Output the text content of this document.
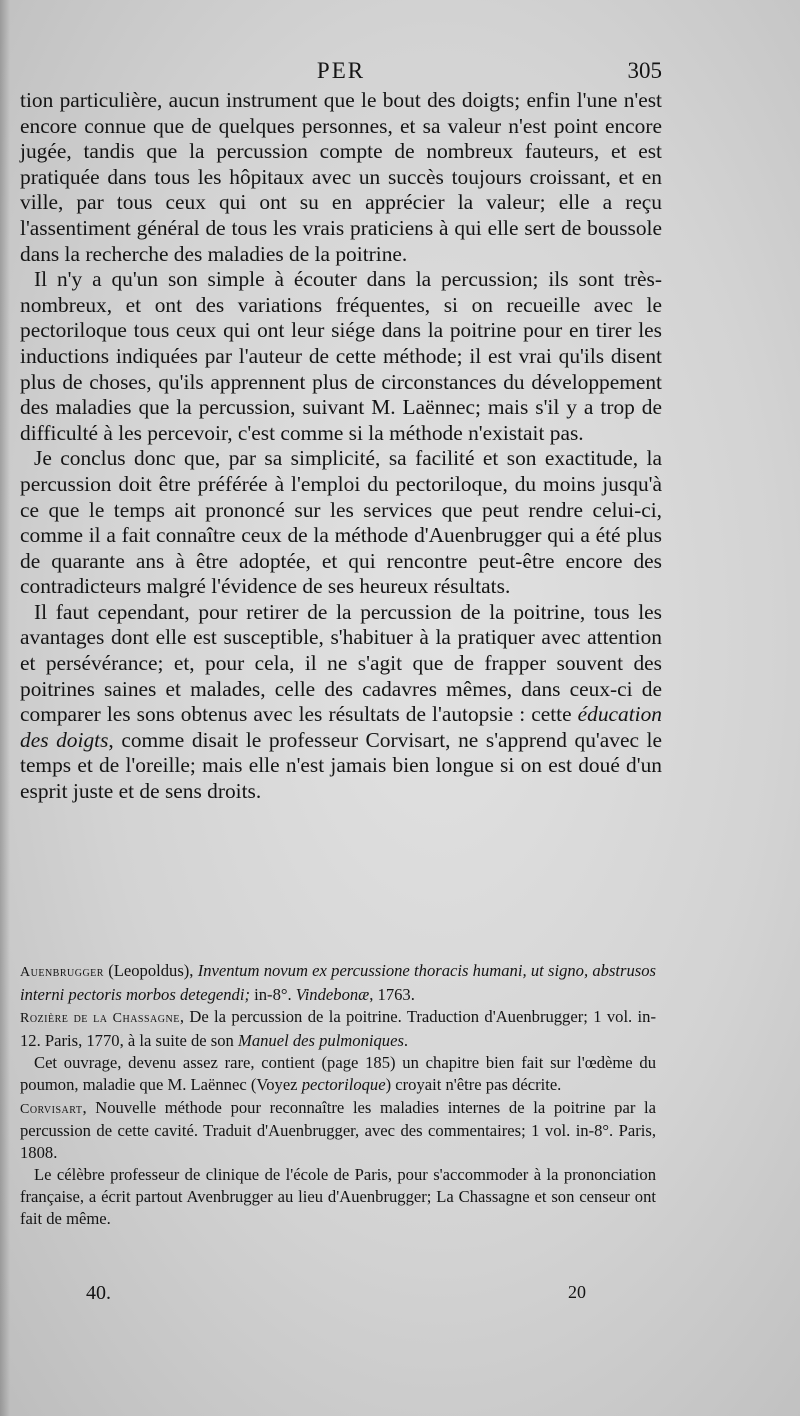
PER	305

tion particulière, aucun instrument que le bout des doigts; enfin l'une n'est encore connue que de quelques personnes, et sa valeur n'est point encore jugée, tandis que la percussion compte de nombreux fauteurs, et est pratiquée dans tous les hôpitaux avec un succès toujours croissant, et en ville, par tous ceux qui ont su en apprécier la valeur; elle a reçu l'assentiment général de tous les vrais praticiens à qui elle sert de boussole dans la recherche des maladies de la poitrine.

Il n'y a qu'un son simple à écouter dans la percussion; ils sont très-nombreux, et ont des variations fréquentes, si on recueille avec le pectoriloque tous ceux qui ont leur siége dans la poitrine pour en tirer les inductions indiquées par l'auteur de cette méthode; il est vrai qu'ils disent plus de choses, qu'ils apprennent plus de circonstances du développement des maladies que la percussion, suivant M. Laënnec; mais s'il y a trop de difficulté à les percevoir, c'est comme si la méthode n'existait pas.

Je conclus donc que, par sa simplicité, sa facilité et son exactitude, la percussion doit être préférée à l'emploi du pectoriloque, du moins jusqu'à ce que le temps ait prononcé sur les services que peut rendre celui-ci, comme il a fait connaître ceux de la méthode d'Auenbrugger qui a été plus de quarante ans à être adoptée, et qui rencontre peut-être encore des contradicteurs malgré l'évidence de ses heureux résultats.

Il faut cependant, pour retirer de la percussion de la poitrine, tous les avantages dont elle est susceptible, s'habituer à la pratiquer avec attention et persévérance; et, pour cela, il ne s'agit que de frapper souvent des poitrines saines et malades, celle des cadavres mêmes, dans ceux-ci de comparer les sons obtenus avec les résultats de l'autopsie : cette éducation des doigts, comme disait le professeur Corvisart, ne s'apprend qu'avec le temps et de l'oreille; mais elle n'est jamais bien longue si on est doué d'un esprit juste et de sens droits.

Auenbrugger (Leopoldus), Inventum novum ex percussione thoracis humani, ut signo, abstrusos interni pectoris morbos detegendi; in-8°. Vindebonæ, 1763.

Rozière de la Chassagne, De la percussion de la poitrine. Traduction d'Auenbrugger; 1 vol. in-12. Paris, 1770, à la suite de son Manuel des pulmoniques.

Cet ouvrage, devenu assez rare, contient (page 185) un chapitre bien fait sur l'œdème du poumon, maladie que M. Laënnec (Voyez pectoriloque) croyait n'être pas décrite.

Corvisart, Nouvelle méthode pour reconnaître les maladies internes de la poitrine par la percussion de cette cavité. Traduit d'Auenbrugger, avec des commentaires; 1 vol. in-8°. Paris, 1808.

Le célèbre professeur de clinique de l'école de Paris, pour s'accommoder à la prononciation française, a écrit partout Avenbrugger au lieu d'Auenbrugger; La Chassagne et son censeur ont fait de même.

40.	20
